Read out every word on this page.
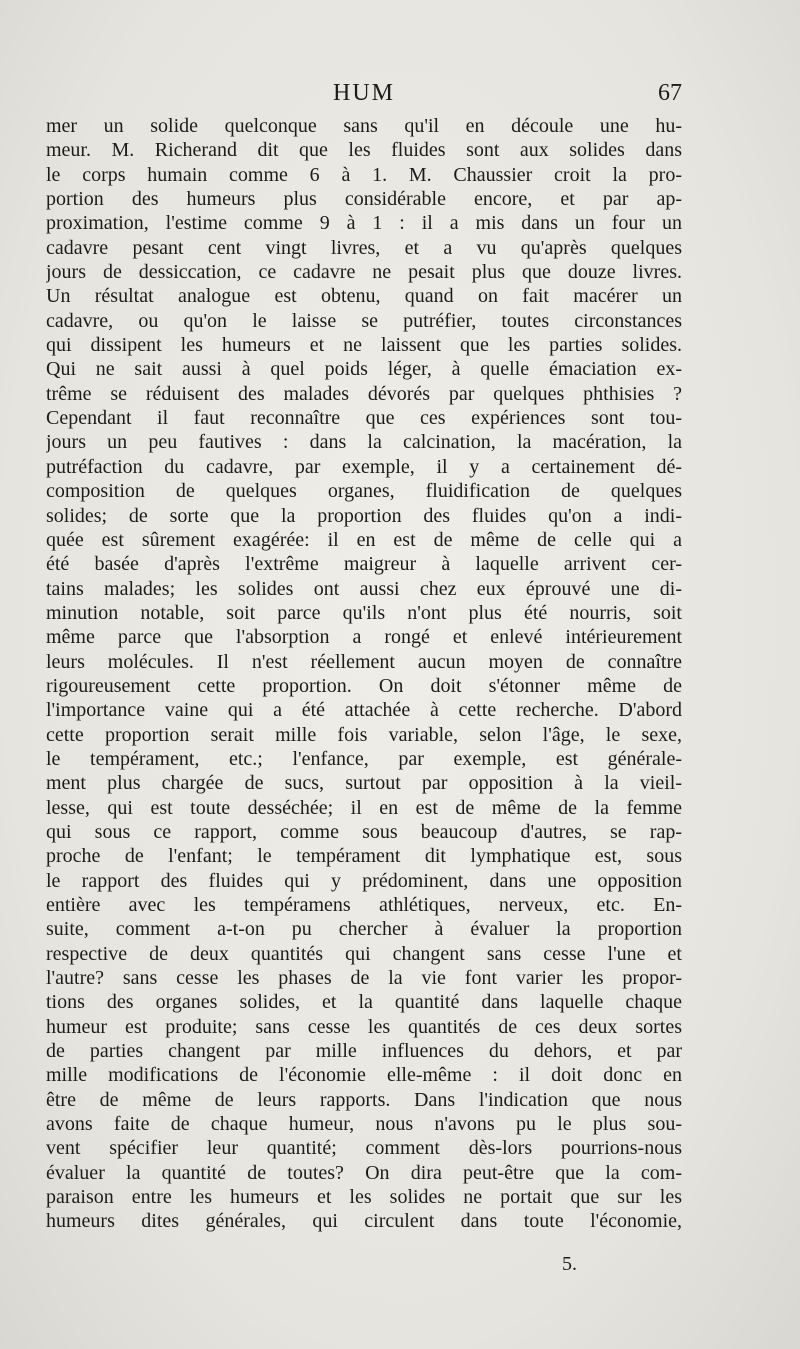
HUM	67
mer un solide quelconque sans qu'il en découle une hu-
meur. M. Richerand dit que les fluides sont aux solides dans
le corps humain comme 6 à 1. M. Chaussier croit la pro-
portion des humeurs plus considérable encore, et par ap-
proximation, l'estime comme 9 à 1 : il a mis dans un four un
cadavre pesant cent vingt livres, et a vu qu'après quelques
jours de dessiccation, ce cadavre ne pesait plus que douze livres.
Un résultat analogue est obtenu, quand on fait macérer un
cadavre, ou qu'on le laisse se putréfier, toutes circonstances
qui dissipent les humeurs et ne laissent que les parties solides.
Qui ne sait aussi à quel poids léger, à quelle émaciation ex-
trême se réduisent des malades dévorés par quelques phthisies ?
Cependant il faut reconnaître que ces expériences sont tou-
jours un peu fautives : dans la calcination, la macération, la
putréfaction du cadavre, par exemple, il y a certainement dé-
composition de quelques organes, fluidification de quelques
solides; de sorte que la proportion des fluides qu'on a indi-
quée est sûrement exagérée: il en est de même de celle qui a
été basée d'après l'extrême maigreur à laquelle arrivent cer-
tains malades; les solides ont aussi chez eux éprouvé une di-
minution notable, soit parce qu'ils n'ont plus été nourris, soit
même parce que l'absorption a rongé et enlevé intérieurement
leurs molécules. Il n'est réellement aucun moyen de connaître
rigoureusement cette proportion. On doit s'étonner même de
l'importance vaine qui a été attachée à cette recherche. D'abord
cette proportion serait mille fois variable, selon l'âge, le sexe,
le tempérament, etc.; l'enfance, par exemple, est générale-
ment plus chargée de sucs, surtout par opposition à la vieil-
lesse, qui est toute desséchée; il en est de même de la femme
qui sous ce rapport, comme sous beaucoup d'autres, se rap-
proche de l'enfant; le tempérament dit lymphatique est, sous
le rapport des fluides qui y prédominent, dans une opposition
entière avec les tempéramens athlétiques, nerveux, etc. En-
suite, comment a-t-on pu chercher à évaluer la proportion
respective de deux quantités qui changent sans cesse l'une et
l'autre? sans cesse les phases de la vie font varier les propor-
tions des organes solides, et la quantité dans laquelle chaque
humeur est produite; sans cesse les quantités de ces deux sortes
de parties changent par mille influences du dehors, et par
mille modifications de l'économie elle-même : il doit donc en
être de même de leurs rapports. Dans l'indication que nous
avons faite de chaque humeur, nous n'avons pu le plus sou-
vent spécifier leur quantité; comment dès-lors pourrions-nous
évaluer la quantité de toutes? On dira peut-être que la com-
paraison entre les humeurs et les solides ne portait que sur les
humeurs dites générales, qui circulent dans toute l'économie,
5.
